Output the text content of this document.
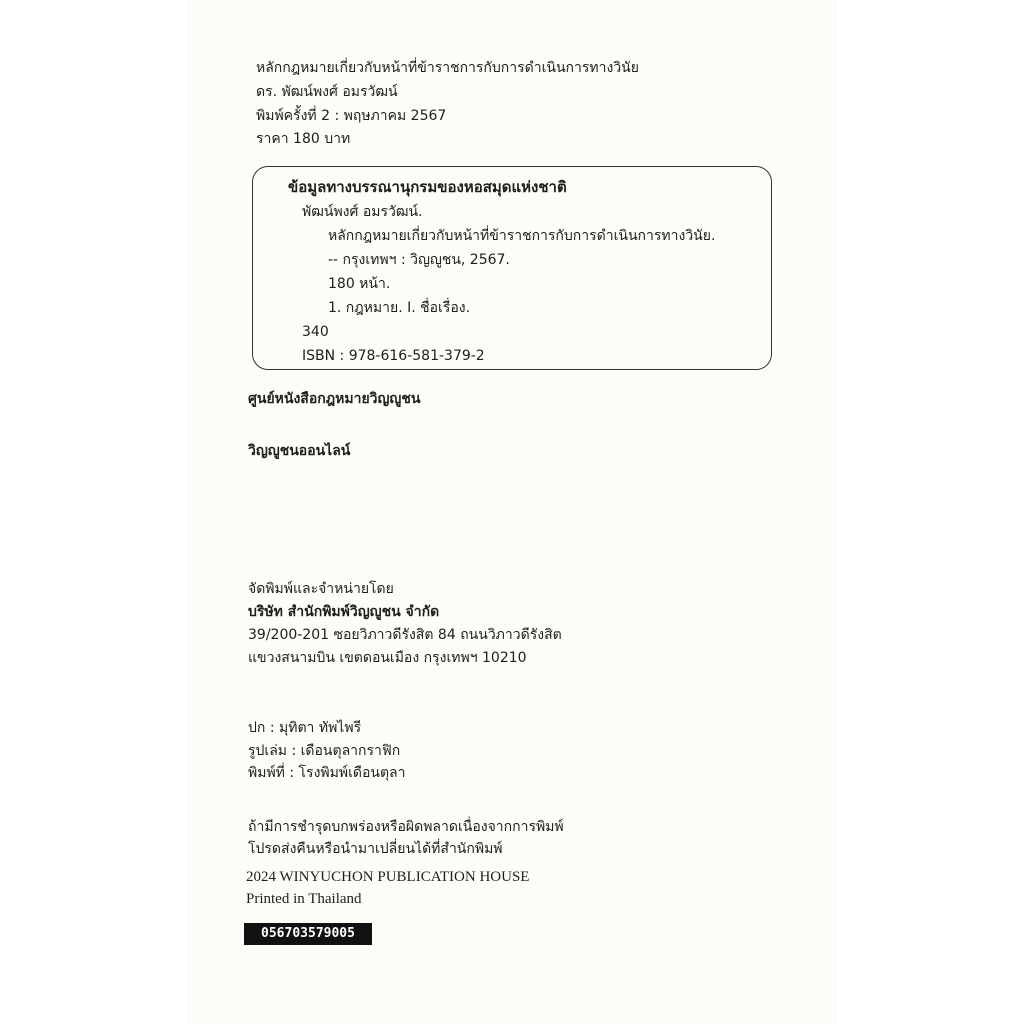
หลักกฎหมายเกี่ยวกับหน้าที่ข้าราชการกับการดำเนินการทางวินัย
ดร. พัฒน์พงศ์ อมรวัฒน์
พิมพ์ครั้งที่ 2 : พฤษภาคม 2567
ราคา 180 บาท
ข้อมูลทางบรรณานุกรมของหอสมุดแห่งชาติ
พัฒน์พงศ์ อมรวัฒน์.
หลักกฎหมายเกี่ยวกับหน้าที่ข้าราชการกับการดำเนินการทางวินัย.
-- กรุงเทพฯ : วิญญูชน, 2567.
180 หน้า.
1. กฎหมาย. I. ชื่อเรื่อง.
340
ISBN : 978-616-581-379-2
ศูนย์หนังสือกฎหมายวิญญูชน
วิญญูชนออนไลน์
จัดพิมพ์และจำหน่ายโดย
บริษัท สำนักพิมพ์วิญญูชน จำกัด
39/200-201 ซอยวิภาวดีรังสิต 84 ถนนวิภาวดีรังสิต
แขวงสนามบิน เขตดอนเมือง กรุงเทพฯ 10210
ปก : มุทิตา ทัพไพรี
รูปเล่ม : เดือนตุลากราฟิก
พิมพ์ที่ : โรงพิมพ์เดือนตุลา
ถ้ามีการชำรุดบกพร่องหรือผิดพลาดเนื่องจากการพิมพ์
โปรดส่งคืนหรือนำมาเปลี่ยนได้ที่สำนักพิมพ์
2024 WINYUCHON PUBLICATION HOUSE
Printed in Thailand
056703579005
